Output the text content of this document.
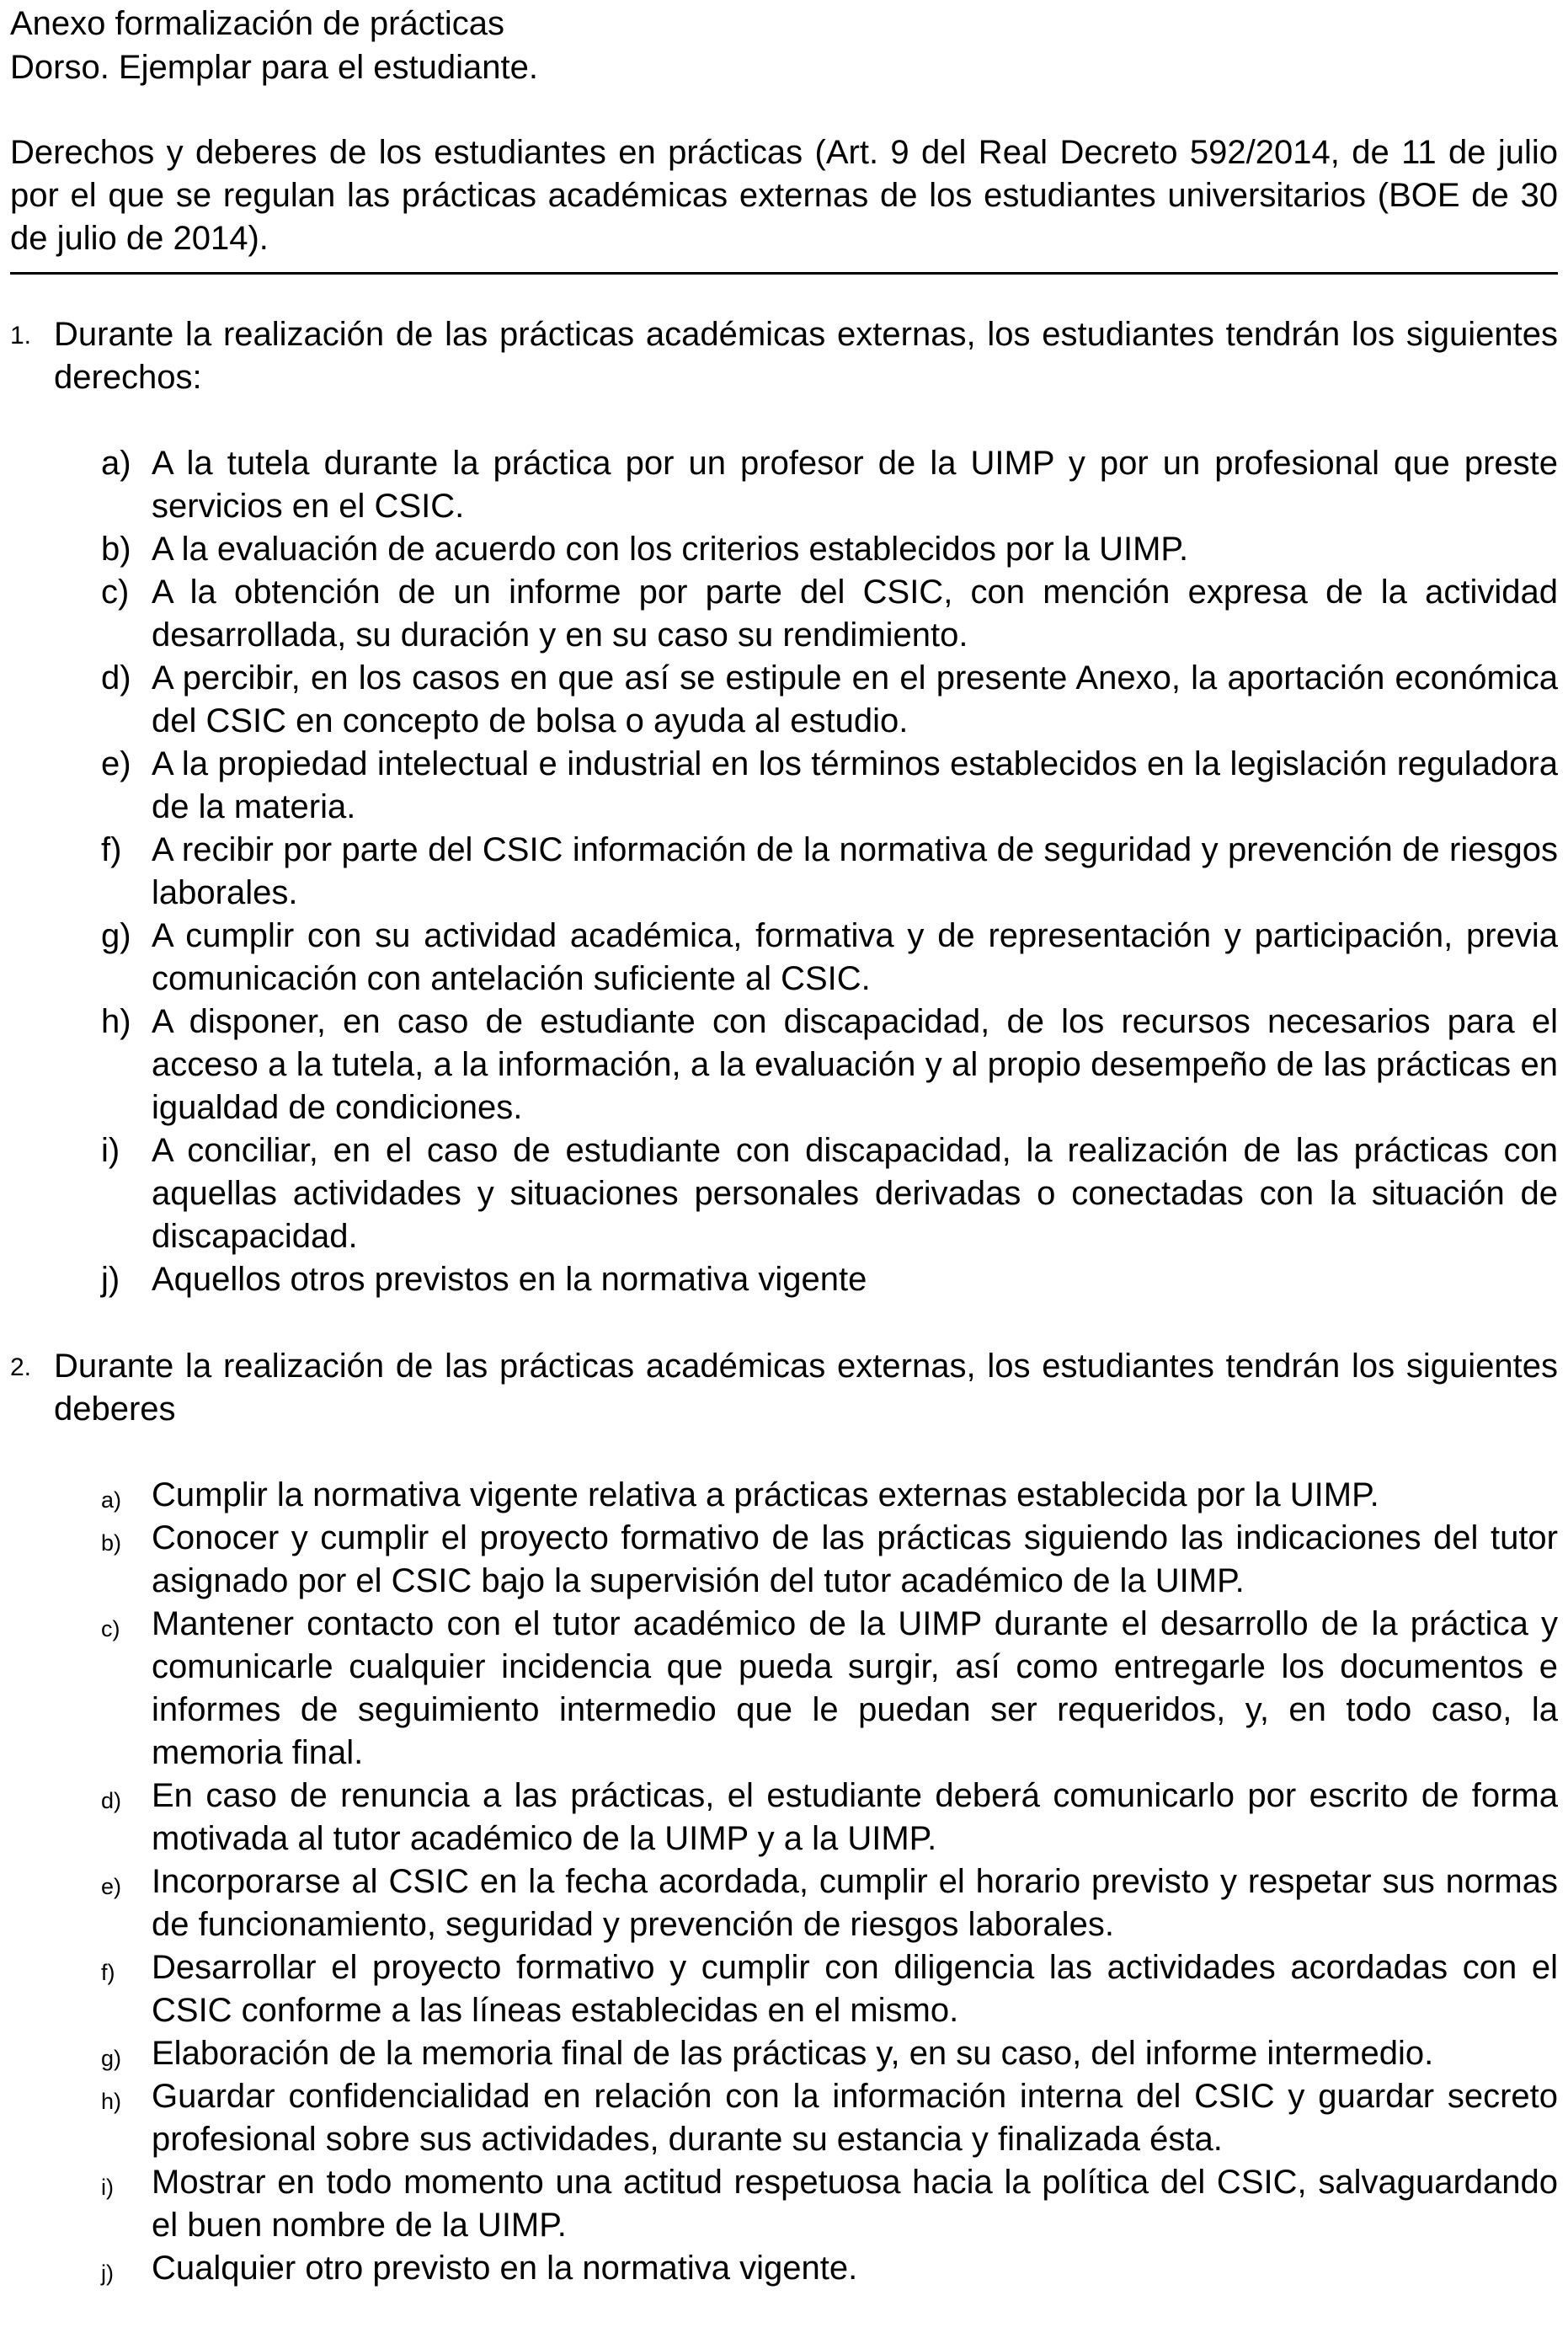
Anexo formalización de prácticas

Dorso. Ejemplar para el estudiante.

Derechos y deberes de los estudiantes en prácticas (Art. 9 del Real Decreto 592/2014, de 11 de julio por el que se regulan las prácticas académicas externas de los estudiantes universitarios (BOE de 30 de julio de 2014).

1. Durante la realización de las prácticas académicas externas, los estudiantes tendrán los siguientes derechos:
a) A la tutela durante la práctica por un profesor de la UIMP y por un profesional que preste servicios en el CSIC.
b) A la evaluación de acuerdo con los criterios establecidos por la UIMP.
c) A la obtención de un informe por parte del CSIC, con mención expresa de la actividad desarrollada, su duración y en su caso su rendimiento.
d) A percibir, en los casos en que así se estipule en el presente Anexo, la aportación económica del CSIC en concepto de bolsa o ayuda al estudio.
e) A la propiedad intelectual e industrial en los términos establecidos en la legislación reguladora de la materia.
f) A recibir por parte del CSIC información de la normativa de seguridad y prevención de riesgos laborales.
g) A cumplir con su actividad académica, formativa y de representación y participación, previa comunicación con antelación suficiente al CSIC.
h) A disponer, en caso de estudiante con discapacidad, de los recursos necesarios para el acceso a la tutela, a la información, a la evaluación y al propio desempeño de las prácticas en igualdad de condiciones.
i) A conciliar, en el caso de estudiante con discapacidad, la realización de las prácticas con aquellas actividades y situaciones personales derivadas o conectadas con la situación de discapacidad.
j) Aquellos otros previstos en la normativa vigente
2. Durante la realización de las prácticas académicas externas, los estudiantes tendrán los siguientes deberes
a) Cumplir la normativa vigente relativa a prácticas externas establecida por la UIMP.
b) Conocer y cumplir el proyecto formativo de las prácticas siguiendo las indicaciones del tutor asignado por el CSIC bajo la supervisión del tutor académico de la UIMP.
c) Mantener contacto con el tutor académico de la UIMP durante el desarrollo de la práctica y comunicarle cualquier incidencia que pueda surgir, así como entregarle los documentos e informes de seguimiento intermedio que le puedan ser requeridos, y, en todo caso, la memoria final.
d) En caso de renuncia a las prácticas, el estudiante deberá comunicarlo por escrito de forma motivada al tutor académico de la UIMP y a la UIMP.
e) Incorporarse al CSIC en la fecha acordada, cumplir el horario previsto y respetar sus normas de funcionamiento, seguridad y prevención de riesgos laborales.
f) Desarrollar el proyecto formativo y cumplir con diligencia las actividades acordadas con el CSIC conforme a las líneas establecidas en el mismo.
g) Elaboración de la memoria final de las prácticas y, en su caso, del informe intermedio.
h) Guardar confidencialidad en relación con la información interna del CSIC y guardar secreto profesional sobre sus actividades, durante su estancia y finalizada ésta.
i) Mostrar en todo momento una actitud respetuosa hacia la política del CSIC, salvaguardando el buen nombre de la UIMP.
j) Cualquier otro previsto en la normativa vigente.
